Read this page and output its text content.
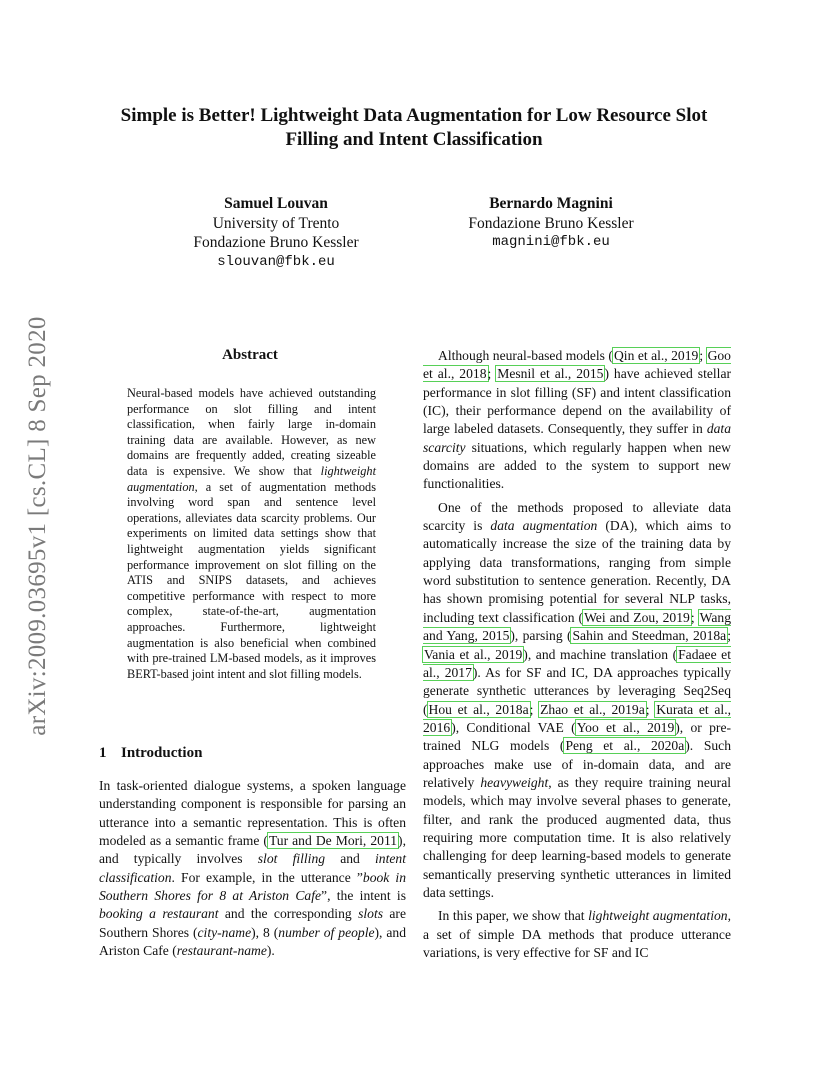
arXiv:2009.03695v1 [cs.CL] 8 Sep 2020
Simple is Better! Lightweight Data Augmentation for Low Resource Slot
Filling and Intent Classification
Samuel Louvan
University of Trento
Fondazione Bruno Kessler
slouvan@fbk.eu
Bernardo Magnini
Fondazione Bruno Kessler
magnini@fbk.eu
Abstract
Neural-based models have achieved outstanding performance on slot filling and intent classification, when fairly large in-domain training data are available. However, as new domains are frequently added, creating sizeable data is expensive. We show that lightweight augmentation, a set of augmentation methods involving word span and sentence level operations, alleviates data scarcity problems. Our experiments on limited data settings show that lightweight augmentation yields significant performance improvement on slot filling on the ATIS and SNIPS datasets, and achieves competitive performance with respect to more complex, state-of-the-art, augmentation approaches. Furthermore, lightweight augmentation is also beneficial when combined with pre-trained LM-based models, as it improves BERT-based joint intent and slot filling models.
1 Introduction

In task-oriented dialogue systems, a spoken language understanding component is responsible for parsing an utterance into a semantic representation. This is often modeled as a semantic frame (Tur and De Mori, 2011), and typically involves slot filling and intent classification. For example, in the utterance ”book in Southern Shores for 8 at Ariston Cafe”, the intent is booking a restaurant and the corresponding slots are Southern Shores (city-name), 8 (number of people), and Ariston Cafe (restaurant-name).

Although neural-based models (Qin et al., 2019; Goo et al., 2018; Mesnil et al., 2015) have achieved stellar performance in slot filling (SF) and intent classification (IC), their performance depend on the availability of large labeled datasets. Consequently, they suffer in data scarcity situations, which regularly happen when new domains are added to the system to support new functionalities.

One of the methods proposed to alleviate data scarcity is data augmentation (DA), which aims to automatically increase the size of the training data by applying data transformations, ranging from simple word substitution to sentence generation. Recently, DA has shown promising potential for several NLP tasks, including text classification (Wei and Zou, 2019; Wang and Yang, 2015), parsing (Sahin and Steedman, 2018a; Vania et al., 2019), and machine translation (Fadaee et al., 2017). As for SF and IC, DA approaches typically generate synthetic utterances by leveraging Seq2Seq (Hou et al., 2018a; Zhao et al., 2019a; Kurata et al., 2016), Conditional VAE (Yoo et al., 2019), or pre-trained NLG models (Peng et al., 2020a). Such approaches make use of in-domain data, and are relatively heavyweight, as they require training neural models, which may involve several phases to generate, filter, and rank the produced augmented data, thus requiring more computation time. It is also relatively challenging for deep learning-based models to generate semantically preserving synthetic utterances in limited data settings.

In this paper, we show that lightweight augmentation, a set of simple DA methods that produce utterance variations, is very effective for SF and IC
